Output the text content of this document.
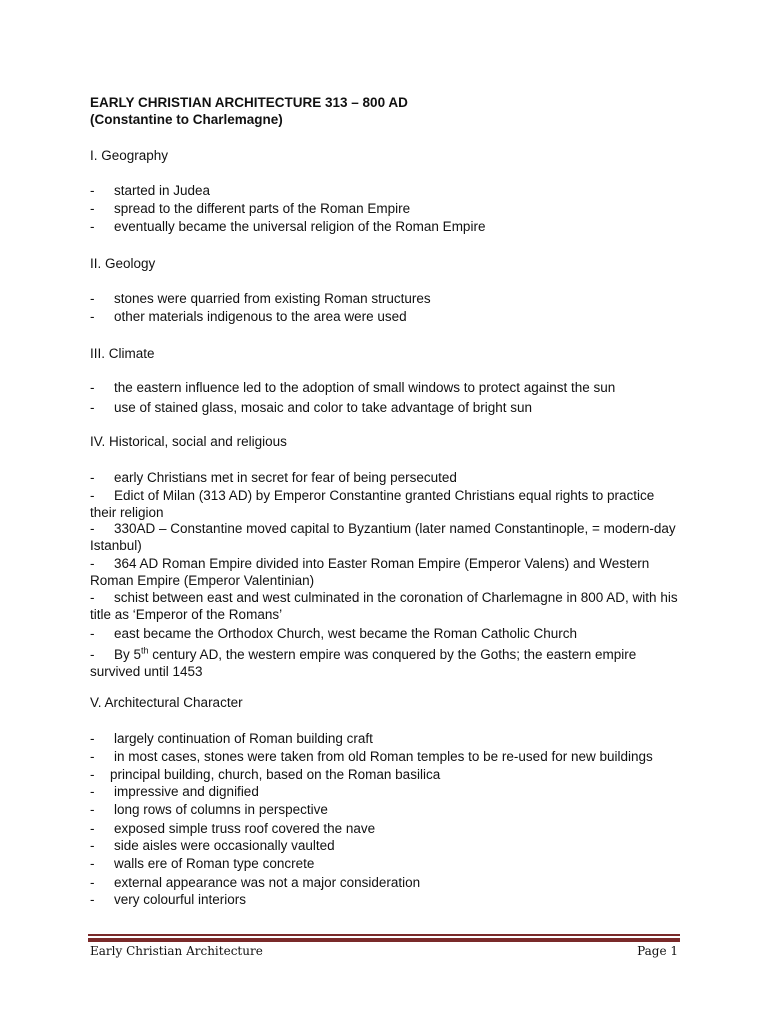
EARLY CHRISTIAN ARCHITECTURE 313 – 800 AD
(Constantine to Charlemagne)
I. Geography
- started in Judea
- spread to the different parts of the Roman Empire
- eventually became the universal religion of the Roman Empire
II. Geology
- stones were quarried from existing Roman structures
- other materials indigenous to the area were used
III. Climate
- the eastern influence led to the adoption of small windows to protect against the sun
- use of stained glass, mosaic and color to take advantage of bright sun
IV. Historical, social and religious
- early Christians met in secret for fear of being persecuted
- Edict of Milan (313 AD) by Emperor Constantine granted Christians equal rights to practice their religion
- 330AD – Constantine moved capital to Byzantium (later named Constantinople, = modern-day Istanbul)
- 364 AD Roman Empire divided into Easter Roman Empire (Emperor Valens) and Western Roman Empire (Emperor Valentinian)
- schist between east and west culminated in the coronation of Charlemagne in 800 AD, with his title as ‘Emperor of the Romans’
- east became the Orthodox Church, west became the Roman Catholic Church
- By 5th century AD, the western empire was conquered by the Goths; the eastern empire survived until 1453
V. Architectural Character
- largely continuation of Roman building craft
- in most cases, stones were taken from old Roman temples to be re-used for new buildings
- principal building, church, based on the Roman basilica
- impressive and dignified
- long rows of columns in perspective
- exposed simple truss roof covered the nave
- side aisles were occasionally vaulted
- walls ere of Roman type concrete
- external appearance was not a major consideration
- very colourful interiors
Early Christian Architecture	Page 1
